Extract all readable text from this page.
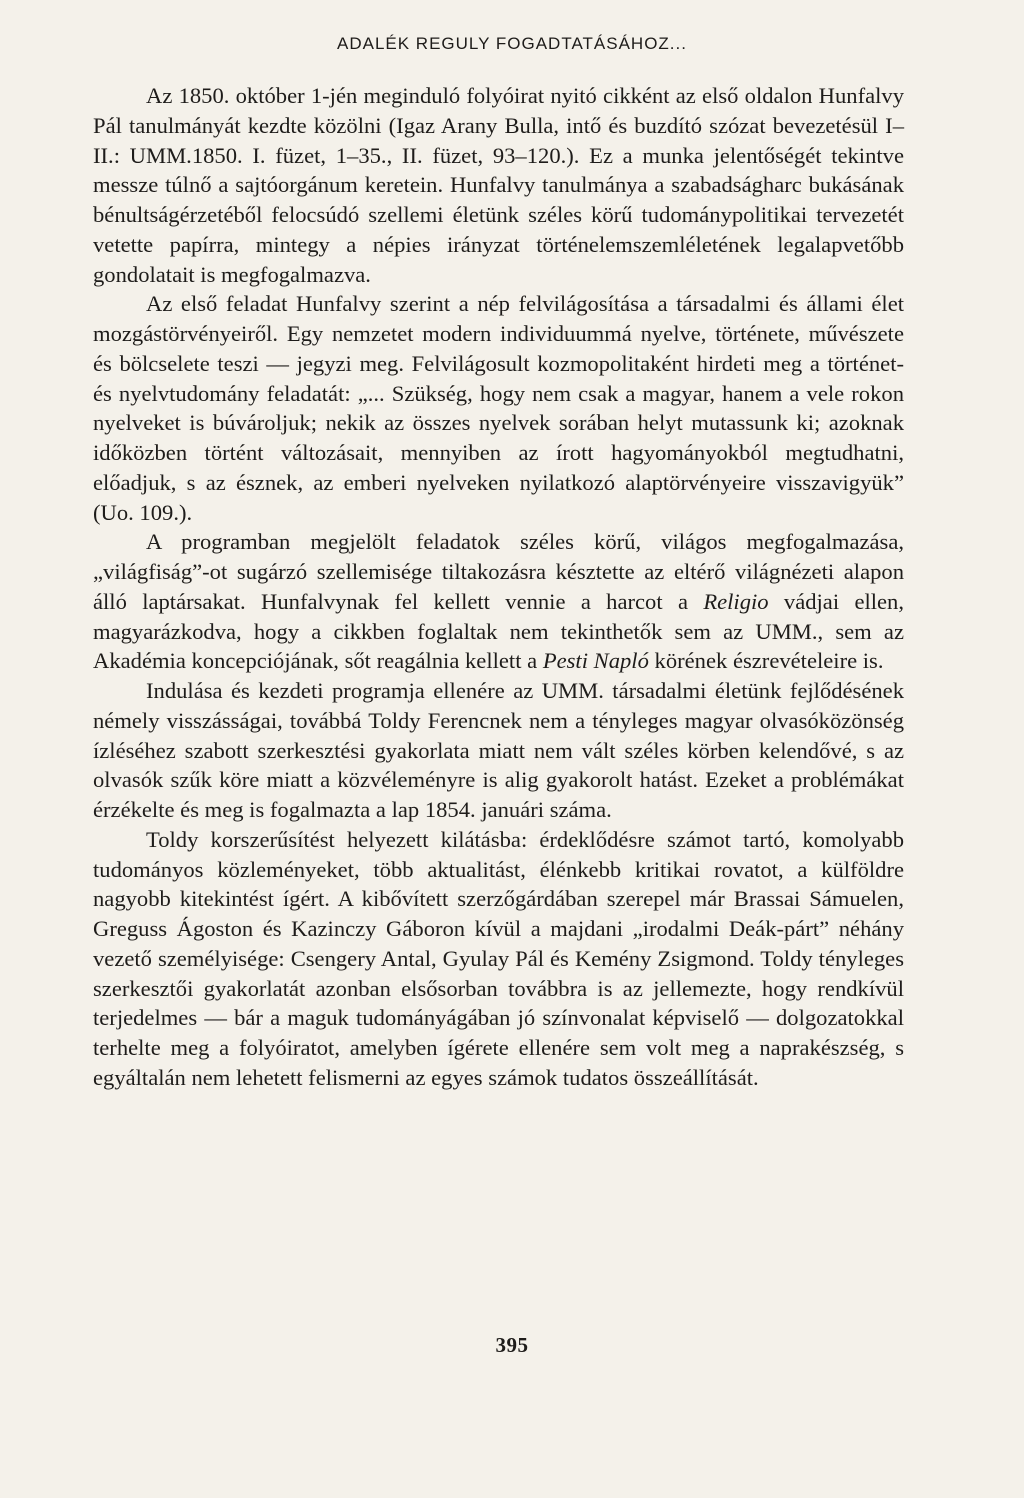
ADALÉK REGULY FOGADTATÁSÁHOZ...

Az 1850. október 1-jén meginduló folyóirat nyitó cikként az első oldalon Hunfalvy Pál tanulmányát kezdte közölni (Igaz Arany Bulla, intő és buzdító szózat bevezetésül I–II.: UMM.1850. I. füzet, 1–35., II. füzet, 93–120.). Ez a munka jelentőségét tekintve messze túlnő a sajtóorgánum keretein. Hunfalvy tanulmánya a szabadságharc bukásának bénultságérzetéből felocsúdó szellemi életünk széles körű tudománypolitikai tervezetét vetette papírra, mintegy a népies irányzat történelemszemléletének legalapvetőbb gondolatait is megfogalmazva.

Az első feladat Hunfalvy szerint a nép felvilágosítása a társadalmi és állami élet mozgástörvényeiről. Egy nemzetet modern individuummá nyelve, története, művészete és bölcselete teszi — jegyzi meg. Felvilágosult kozmopolitaként hirdeti meg a történet- és nyelvtudomány feladatát: „... Szükség, hogy nem csak a magyar, hanem a vele rokon nyelveket is búvároljuk; nekik az összes nyelvek sorában helyt mutassunk ki; azoknak időközben történt változásait, mennyiben az írott hagyományokból megtudhatni, előadjuk, s az észnek, az emberi nyelveken nyilatkozó alaptörvényeire visszavigyük” (Uo. 109.).

A programban megjelölt feladatok széles körű, világos megfogalmazása, „világfiság”-ot sugárzó szellemisége tiltakozásra késztette az eltérő világnézeti alapon álló laptársakat. Hunfalvynak fel kellett vennie a harcot a Religio vádjai ellen, magyarázkodva, hogy a cikkben foglaltak nem tekinthetők sem az UMM., sem az Akadémia koncepciójának, sőt reagálnia kellett a Pesti Napló körének észrevételeire is.

Indulása és kezdeti programja ellenére az UMM. társadalmi életünk fejlődésének némely visszásságai, továbbá Toldy Ferencnek nem a tényleges magyar olvasóközönség ízléséhez szabott szerkesztési gyakorlata miatt nem vált széles körben kelendővé, s az olvasók szűk köre miatt a közvéleményre is alig gyakorolt hatást. Ezeket a problémákat érzékelte és meg is fogalmazta a lap 1854. januári száma.

Toldy korszerűsítést helyezett kilátásba: érdeklődésre számot tartó, komolyabb tudományos közleményeket, több aktualitást, élénkebb kritikai rovatot, a külföldre nagyobb kitekintést ígért. A kibővített szerzőgárdában szerepel már Brassai Sámuelen, Greguss Ágoston és Kazinczy Gáboron kívül a majdani „irodalmi Deák-párt” néhány vezető személyisége: Csengery Antal, Gyulay Pál és Kemény Zsigmond. Toldy tényleges szerkesztői gyakorlatát azonban elsősorban továbbra is az jellemezte, hogy rendkívül terjedelmes — bár a maguk tudományágában jó színvonalat képviselő — dolgozatokkal terhelte meg a folyóiratot, amelyben ígérete ellenére sem volt meg a naprakészség, s egyáltalán nem lehetett felismerni az egyes számok tudatos összeállítását.

395
